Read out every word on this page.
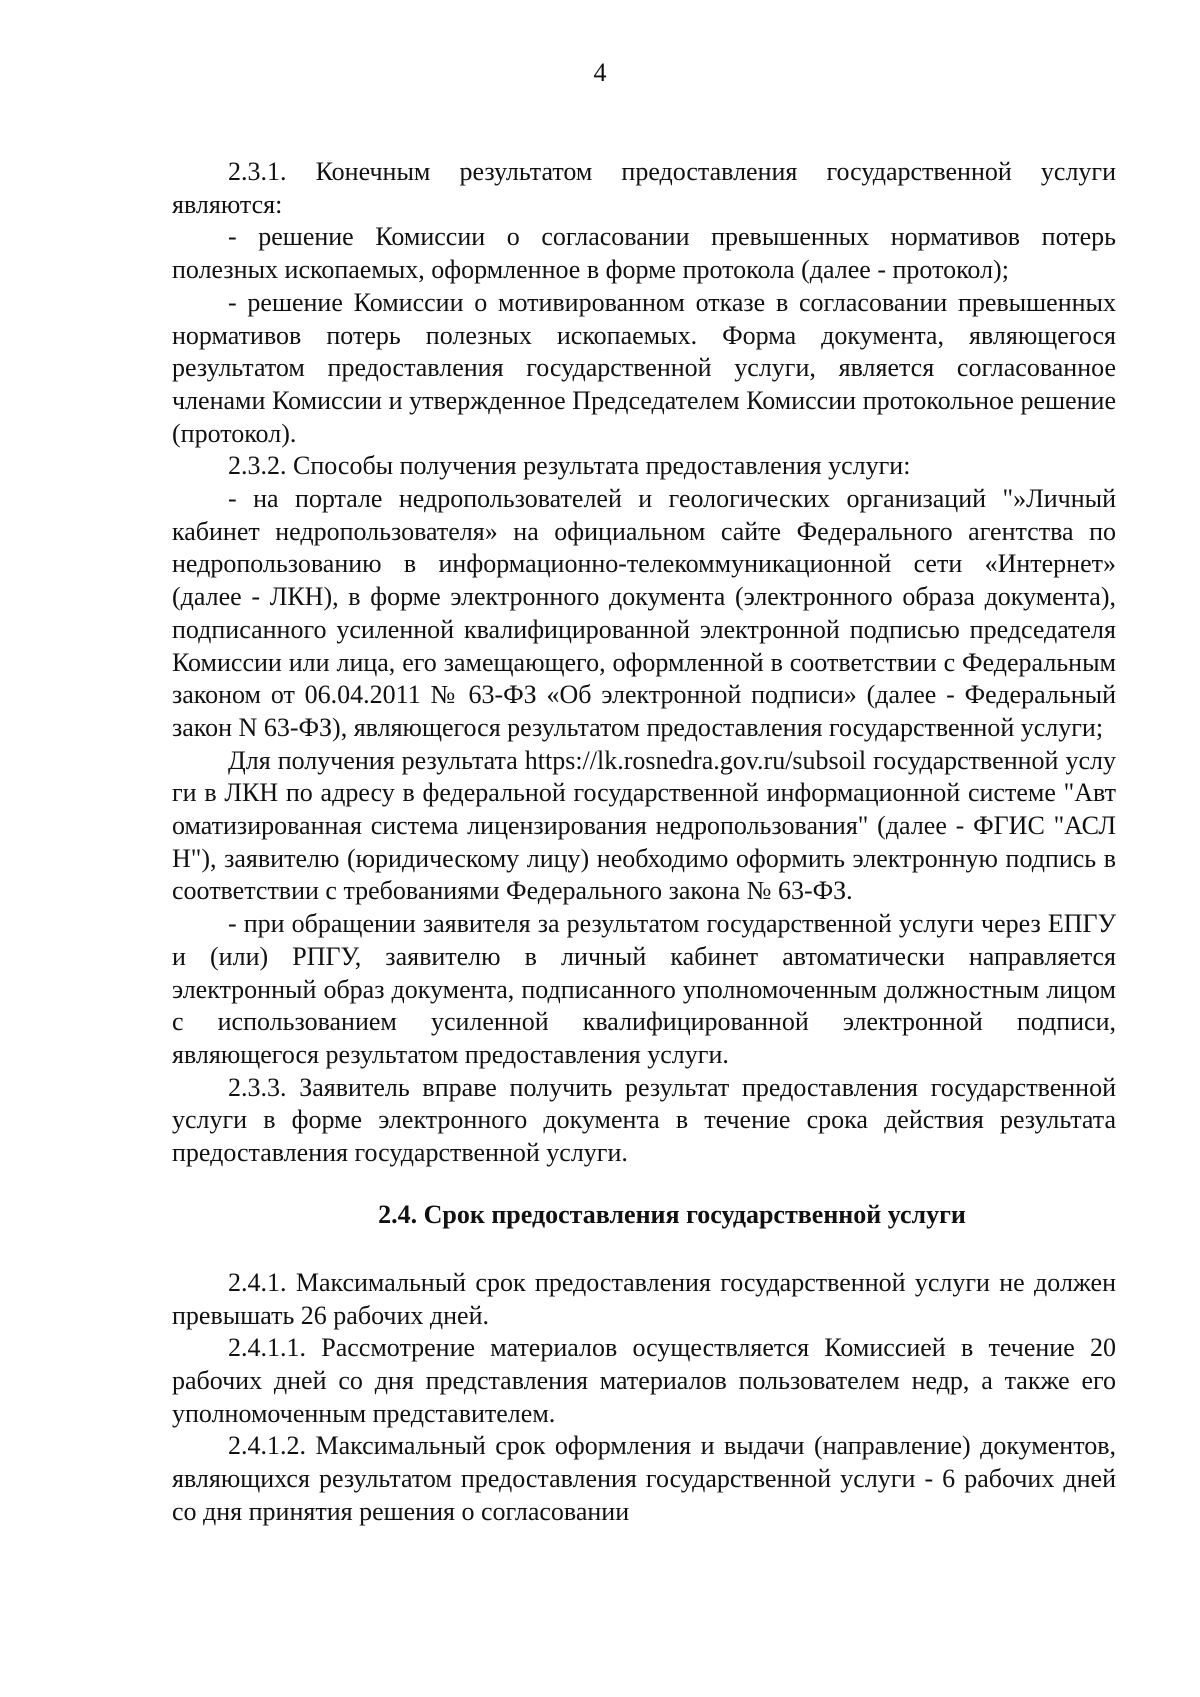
4

2.3.1. Конечным результатом предоставления государственной услуги являются:

- решение Комиссии о согласовании превышенных нормативов потерь полезных ископаемых, оформленное в форме протокола (далее - протокол);

- решение Комиссии о мотивированном отказе в согласовании превышенных нормативов потерь полезных ископаемых. Форма документа, являющегося результатом предоставления государственной услуги, является согласованное членами Комиссии и утвержденное Председателем Комиссии протокольное решение (протокол).

2.3.2. Способы получения результата предоставления услуги:

- на портале недропользователей и геологических организаций "»Личный кабинет недропользователя» на официальном сайте Федерального агентства по недропользованию в информационно-телекоммуникационной сети «Интернет» (далее - ЛКН), в форме электронного документа (электронного образа документа), подписанного усиленной квалифицированной электронной подписью председателя Комиссии или лица, его замещающего, оформленной в соответствии с Федеральным законом от 06.04.2011 № 63-ФЗ «Об электронной подписи» (далее - Федеральный закон N 63-ФЗ), являющегося результатом предоставления государственной услуги;

Для получения результата https://lk.rosnedra.gov.ru/subsoil государственной услуги в ЛКН по адресу в федеральной государственной информационной системе "Автоматизированная система лицензирования недропользования" (далее - ФГИС "АСЛН"), заявителю (юридическому лицу) необходимо оформить электронную подпись в соответствии с требованиями Федерального закона № 63-ФЗ.

- при обращении заявителя за результатом государственной услуги через ЕПГУ и (или) РПГУ, заявителю в личный кабинет автоматически направляется электронный образ документа, подписанного уполномоченным должностным лицом с использованием усиленной квалифицированной электронной подписи, являющегося результатом предоставления услуги.

2.3.3. Заявитель вправе получить результат предоставления государственной услуги в форме электронного документа в течение срока действия результата предоставления государственной услуги.

2.4. Срок предоставления государственной услуги

2.4.1. Максимальный срок предоставления государственной услуги не должен превышать 26 рабочих дней.

2.4.1.1. Рассмотрение материалов осуществляется Комиссией в течение 20 рабочих дней со дня представления материалов пользователем недр, а также его уполномоченным представителем.

2.4.1.2. Максимальный срок оформления и выдачи (направление) документов, являющихся результатом предоставления государственной услуги - 6 рабочих дней со дня принятия решения о согласовании
